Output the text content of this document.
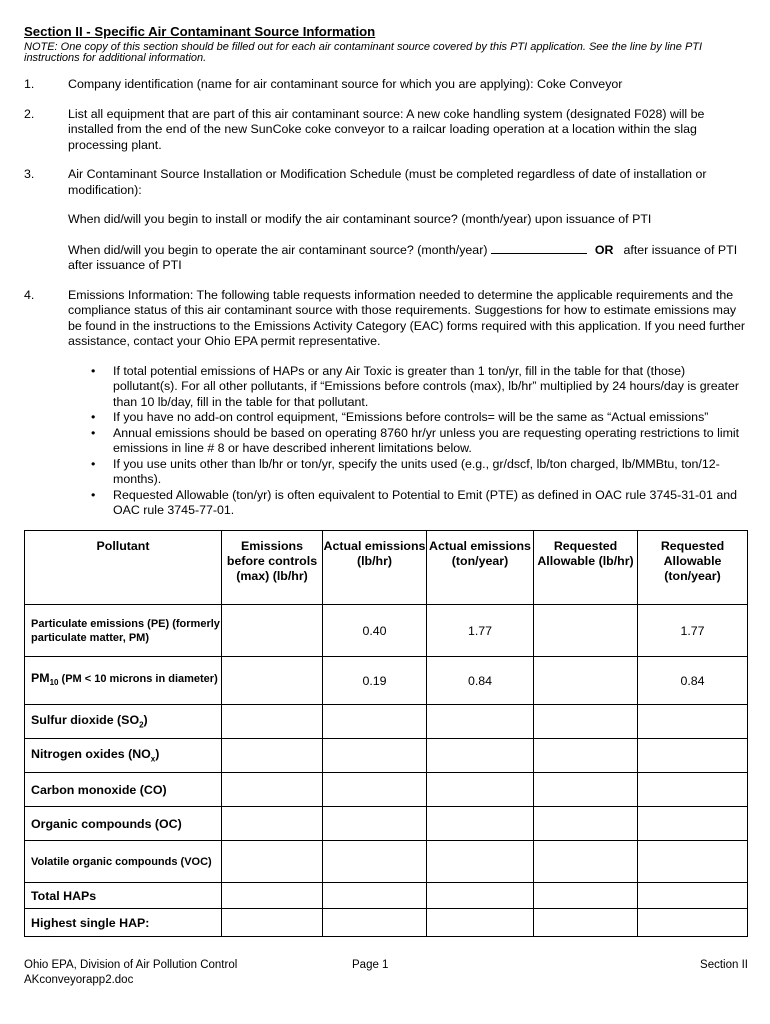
Section II - Specific Air Contaminant Source Information

NOTE: One copy of this section should be filled out for each air contaminant source covered by this PTI application. See the line by line PTI instructions for additional information.

1.	Company identification (name for air contaminant source for which you are applying): Coke Conveyor

2.	List all equipment that are part of this air contaminant source: A new coke handling system (designated F028) will be installed from the end of the new SunCoke coke conveyor to a railcar loading operation at a location within the slag processing plant.

3.	Air Contaminant Source Installation or Modification Schedule (must be completed regardless of date of installation or modification):

When did/will you begin to install or modify the air contaminant source? (month/year) upon issuance of PTI

When did/will you begin to operate the air contaminant source? (month/year)	OR after issuance of PTI after issuance of PTI

4.	Emissions Information: The following table requests information needed to determine the applicable requirements and the compliance status of this air contaminant source with those requirements. Suggestions for how to estimate emissions may be found in the instructions to the Emissions Activity Category (EAC) forms required with this application. If you need further assistance, contact your Ohio EPA permit representative.

• If total potential emissions of HAPs or any Air Toxic is greater than 1 ton/yr, fill in the table for that (those) pollutant(s). For all other pollutants, if “Emissions before controls (max), lb/hr” multiplied by 24 hours/day is greater than 10 lb/day, fill in the table for that pollutant.
• If you have no add-on control equipment, “Emissions before controls= will be the same as “Actual emissions”
• Annual emissions should be based on operating 8760 hr/yr unless you are requesting operating restrictions to limit emissions in line # 8 or have described inherent limitations below.
• If you use units other than lb/hr or ton/yr, specify the units used (e.g., gr/dscf, lb/ton charged, lb/MMBtu, ton/12-months).
• Requested Allowable (ton/yr) is often equivalent to Potential to Emit (PTE) as defined in OAC rule 3745-31-01 and OAC rule 3745-77-01.
Pollutant	Emissions before controls (max) (lb/hr)	Actual emissions (lb/hr)	Actual emissions (ton/year)	Requested Allowable (lb/hr)	Requested Allowable (ton/year)
Particulate emissions (PE) (formerly particulate matter, PM)		0.40	1.77		1.77
$PM_{10}$ (PM < 10 microns in diameter)		0.19	0.84		0.84
Sulfur dioxide $(SO_2)$					
Nitrogen oxides $(NO_x)$					
Carbon monoxide (CO)					
Organic compounds (OC)					
Volatile organic compounds (VOC)					
Total HAPs					
Highest single HAP:					
Ohio EPA, Division of Air Pollution Control
AKconveyorapp2.doc
Page 1	Section II
